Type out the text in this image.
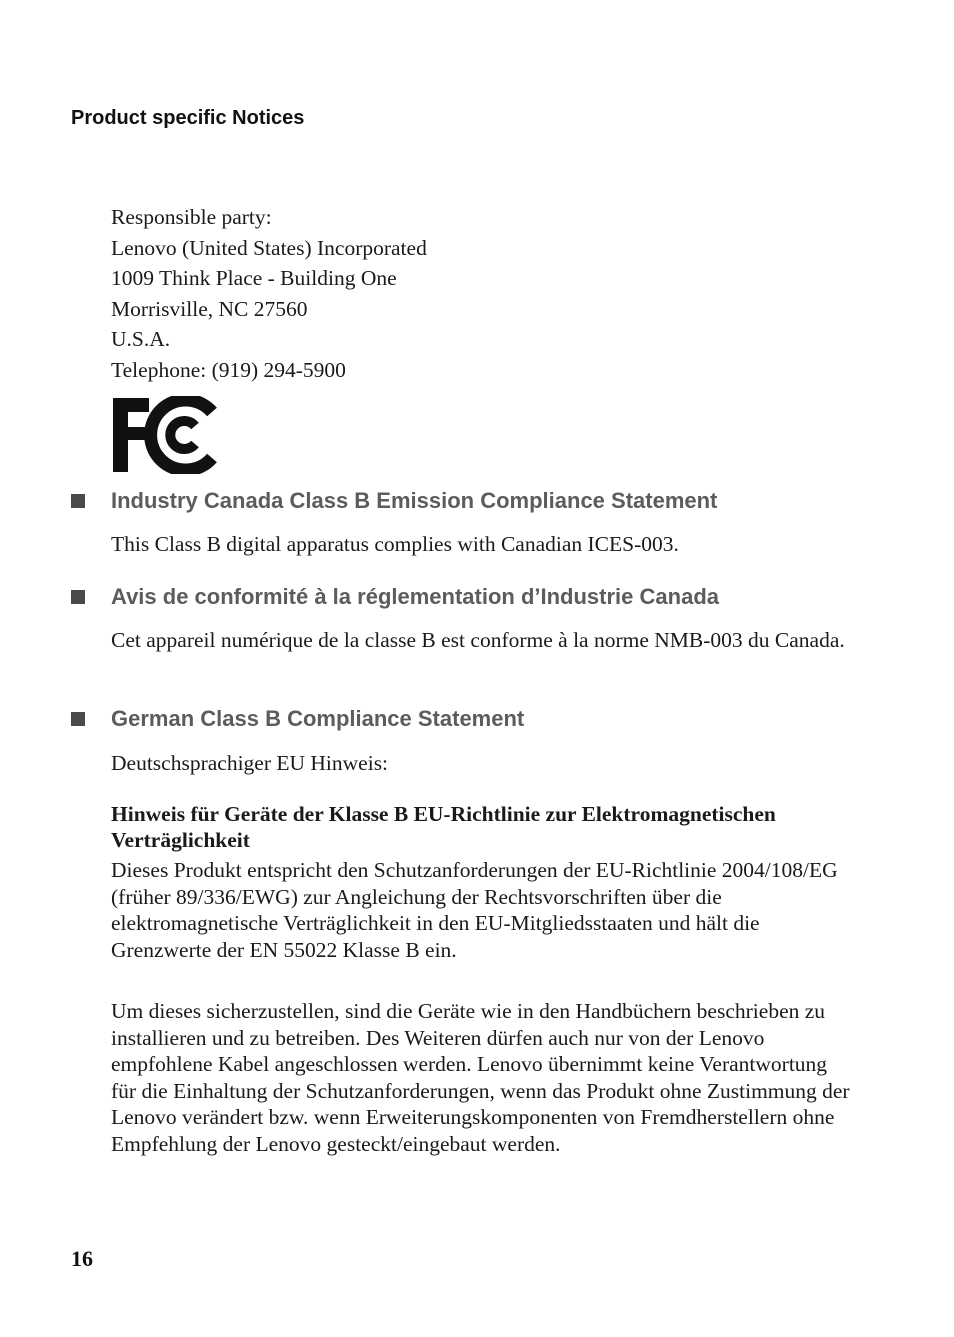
Product specific Notices
Responsible party:
Lenovo (United States) Incorporated
1009 Think Place - Building One
Morrisville, NC 27560
U.S.A.
Telephone: (919) 294-5900
Industry Canada Class B Emission Compliance Statement
This Class B digital apparatus complies with Canadian ICES-003.
Avis de conformité à la réglementation d’Industrie Canada
Cet appareil numérique de la classe B est conforme à la norme NMB-003 du Canada.
German Class B Compliance Statement
Deutschsprachiger EU Hinweis:
Hinweis für Geräte der Klasse B EU-Richtlinie zur Elektromagnetischen Verträglichkeit
Dieses Produkt entspricht den Schutzanforderungen der EU-Richtlinie 2004/108/EG (früher 89/336/EWG) zur Angleichung der Rechtsvorschriften über die elektromagnetische Verträglichkeit in den EU-Mitgliedsstaaten und hält die Grenzwerte der EN 55022 Klasse B ein.
Um dieses sicherzustellen, sind die Geräte wie in den Handbüchern beschrieben zu installieren und zu betreiben. Des Weiteren dürfen auch nur von der Lenovo empfohlene Kabel angeschlossen werden. Lenovo übernimmt keine Verantwortung für die Einhaltung der Schutzanforderungen, wenn das Produkt ohne Zustimmung der Lenovo verändert bzw. wenn Erweiterungskomponenten von Fremdherstellern ohne Empfehlung der Lenovo gesteckt/eingebaut werden.
16
